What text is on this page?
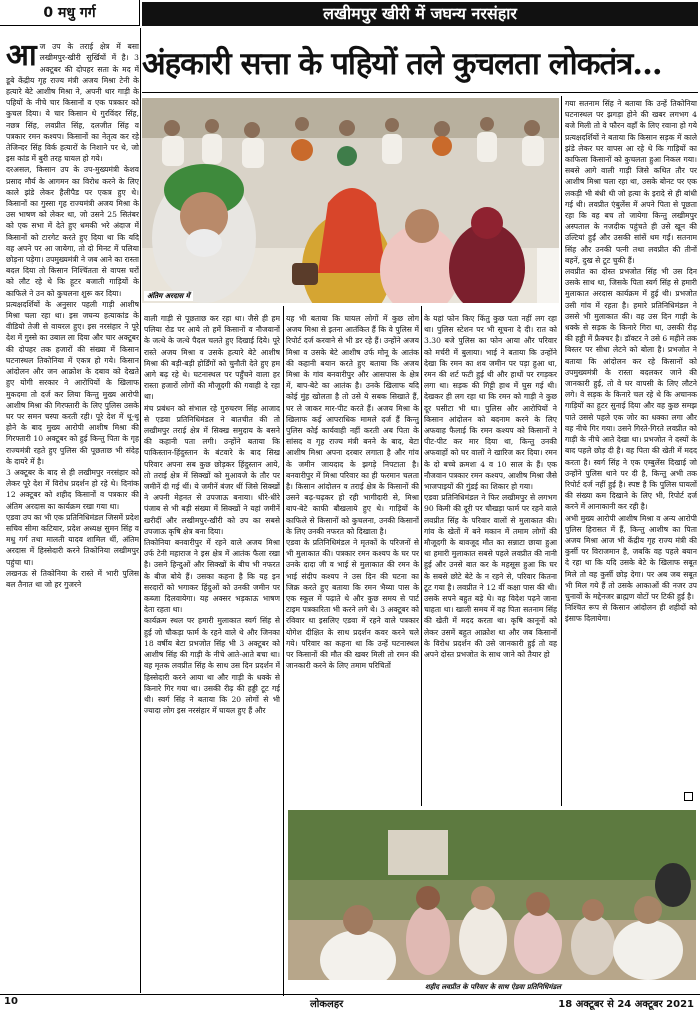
0 मधु गर्ग	लखीमपुर खीरी में जघन्य नरसंहार
अंहकारी सत्ता के पहियों तले कुचलता लोकतंत्र...

आज उप के तराई क्षेत्र में बसा लखीमपुर-खीरी सुर्खियों में है। 3 अक्टूबर की दोपहर सता के मद में डूबे केंद्रीय गृह राज्य मंत्री अजय मिश्रा टेनी के हत्यारे बेटे आशीष मिश्रा ने, अपनी थार गाड़ी के पहियों के नीचे चार किसानों व एक पत्रकार को कुचल दिया। ये चार किसान थे गुरविंदर सिंह, नछत्र सिंह, लवप्रीत सिंह, दलजीत सिंह व पत्रकार रमन कश्यप। किसानों का नेतृत्व कर रहे तेजिन्दर सिंह विर्क हत्यारों के निशाने पर थे, जो इस कांड में बुरी तरह घायल हो गये।
दरअसल, किसान उप के उप-मुख्यमंत्री केशव प्रसाद मौर्य के आगमन का विरोध करने के लिए काले झंडे लेकर हैलीपैड पर एकत्र हुए थे। किसानों का गुस्सा गृह राज्यमंत्री अजय मिश्रा के उस भाषण को लेकर था, जो उसने 25 सितंबर को एक सभा में देते हुए धमकी भरे अंदाज में किसानों को टारगेट करते हुए दिया था कि यदि वह अपने पर आ जायेगा, तो दो मिनट में पलिया छोड़ना पड़ेगा। उपमुख्यमंत्री ने जब आने का रास्ता बदल दिया तो किसान निश्चिंतता से वापस घरों को लौट रहे थे कि हूटर बजाती गाड़ियों के काफिले ने उन को कुचलना शुरू कर दिया।
प्रत्यक्षदर्शियों के अनुसार पहली गाड़ी आशीष मिश्रा चला रहा था। इस जघन्य हत्याकांड के वीडियो तेजी से वायरल हुए। इस नरसंहार ने पूरे देश में गुस्से का उबाल ला दिया और चार अक्टूबर की दोपहर तक हजारों की संख्या में किसान घटनास्थल तिकोनिया में एकत्र हो गये। किसान आंदोलन और जन आक्रोश के दबाव को देखते हुए योगी सरकार ने आरोपियों के खिलाफ मुकदमा तो दर्ज कर लिया किन्तु मुख्य आरोपी आशीष मिश्रा की गिरफ्तारी के लिए पुलिस उसके घर पर समन चस्पा करती रही। पूरे देश में थू-थू होने के बाद मुख्य आरोपी आशीष मिश्रा की गिरफ्तारी 10 अक्टूबर को हुई किन्तु पिता के गृह राज्यमंत्री रहते हुए पुलिस की पूछताछ भी संदेह के दायरे में है।
3 अक्टूबर के बाद से ही लखीमपुर नरसंहार को लेकर पूरे देश में विरोध प्रदर्शन हो रहे थे। दिनांक 12 अक्टूबर को शहीद किसानों व पत्रकार की अंतिम अरदास का कार्यक्रम रखा गया था।
एडवा उप का भी एक प्रतिनिधिमंडल जिसमें प्रदेश सचिव सीमा कटियार, प्रदेश अध्यक्ष सुमन सिंह व मधु गर्ग तथा मालती यादव शामिल थीं, अंतिम अरदास में हिस्सेदारी करने तिकोनिया लखीमपुर पहुंचा था।
लखनऊ से तिकोनिया के रास्ते में भारी पुलिस बल तैनात था जो हर गुजरने

अंतिम अरदास में
वाली गाड़ी से पूछताछ कर रहा था। जैसे ही हम पलिया रोड पर आये तो हमें किसानों व नौजवानों के जत्थे के जत्थे पैदल चलते हुए दिखाई दिये। पूरे रास्ते अजय मिश्रा व उसके हत्यारे बेटे आशीष मिश्रा की बड़ी-बड़ी होर्डिंगों को चुनौती देते हुए हम आगे बढ़ रहे थे। घटनास्थल पर पहुँचने वाला हर रास्ता हजारों लोगों की मौजूदगी की गवाही दे रहा था।
मंच प्रबंधन को संभाल रहे गुरुचरण सिंह आजाद से एडवा प्रतिनिधिमंडल ने बातचीत की तो लखीमपुर तराई क्षेत्र में सिक्ख समुदाय के बसने की कहानी पता लगी। उन्होंने बताया कि पाकिस्तान-हिंदुस्तान के बंटवारे के बाद सिख परिवार अपना सब कुछ छोड़कर हिंदुस्तान आये, तो तराई क्षेत्र में सिक्खों को मुआवजे के तौर पर जमीनें दी गई थीं। ये जमीनें बंजर थीं जिसे सिक्खों ने अपनी मेहनत से उपजाऊ बनाया। धीरे-धीरे पंजाब से भी बड़ी संख्या में सिक्खों ने यहां जमीनें खरीदीं और लखीमपुर-खीरी को उप का सबसे उपजाऊ कृषि क्षेत्र बना दिया।
तिकोनिया बनवारीपुर में रहने वाले अजय मिश्रा उर्फ टेनी महाराज ने इस क्षेत्र में आतंक फैला रखा है। उसने हिन्दुओं और सिक्खों के बीच भी नफरत के बीज बोये हैं। उसका कहना है कि यह इन सरदारों को भगाकर हिंदुओं को उनकी जमीन पर कब्जा दिलवायेगा। यह अक्सर भड़काऊ भाषण देता रहता था।
कार्यक्रम स्थल पर हमारी मुलाकात स्वर्ग सिंह से हुई जो चौकड़ा फार्म के रहने वाले थे और जिनका 18 वर्षीय बेटा प्रभजोत सिंह भी 3 अक्टूबर को आशीष सिंह की गाड़ी के नीचे आते-आते बचा था। वह मृतक लवप्रीत सिंह के साथ उस दिन प्रदर्शन में हिस्सेदारी करने आया था और गाड़ी के धक्के से किनारे गिर गया था। उसकी रीढ़ की हड्डी टूट गई थी। स्वर्ग सिंह ने बताया कि 20 लोगों से भी ज्यादा लोग इस नरसंहार में घायल हुए हैं और
यह भी बताया कि घायल लोगों में कुछ लोग अजय मिश्रा से इतना आतंकित हैं कि वे पुलिस में रिपोर्ट दर्ज करवाने से भी डर रहे हैं। उन्होंने अजय मिश्रा व उसके बेटे आशीष उर्फ मोनू के आतंक की कहानी बयान करते हुए बताया कि अजय मिश्रा के गांव बनवारीपुर और आसपास के क्षेत्र में, बाप-बेटे का आतंक है। उनके खिलाफ यदि कोई मुंह खोलता है तो उसे ये सबक सिखाते हैं, घर ले जाकर मार-पीट करते हैं। अजय मिश्रा के खिलाफ कई आपराधिक मामले दर्ज हैं किन्तु पुलिस कोई कार्यवाही नहीं करती अब पिता के सांसद व गृह राज्य मंत्री बनने के बाद, बेटा आशीष मिश्रा अपना दरबार लगाता है और गांव के जमीन जायदाद के झगड़े निपटाता है। बनवारीपुर में मिश्रा परिवार का ही फरमान चलता है। किसान आंदोलन व तराई क्षेत्र के किसानों की उसने बढ़-चढ़कर हो रही भागीदारी से, मिश्रा बाप-बेटे काफी बौखलाये हुए थे। गाड़ियों के काफिले से किसानों को कुचलना, उनकी किसानों के लिए उनकी नफरत को दिखाता है।
एडवा के प्रतिनिधिमंडल ने मृतकों के परिजनों से भी मुलाकात की। पत्रकार रमन कश्यप के घर पर उनके दादा जी व भाई से मुलाकात की रमन के भाई संदीप कश्यप ने उस दिन की घटना का जिक्र करते हुए बताया कि रमन भैय्या पास के एक स्कूल में पढ़ाते थे और कुछ समय से पार्ट टाइम पत्रकारिता भी करने लगे थे। 3 अक्टूबर को रविवार था इसलिए एडवा में रहने वाले पत्रकार योगेश दीक्षित के साथ प्रदर्शन कवर करने चले गये। परिवार का कहना था कि उन्हें घटनास्थल पर किसानों की मौत की खबर मिली तो रमन की जानकारी करने के लिए तमाम परिचितों
के यहां फोन किए किंतु कुछ पता नहीं लग रहा था। पुलिस स्टेशन पर भी सूचना दे दी। रात को 3.30 बजे पुलिस का फोन आया और परिवार को मर्चरी में बुलाया। भाई ने बताया कि उन्होंने देखा कि रमन का शव जमीन पर पड़ा हुआ था, रमन की शर्ट फटी हुई थी और हाथों पर रगड़कर लगा था। सड़क की गिट्टी हाथ में घुस गई थी। देखकर ही लग रहा था कि रमन को गाड़ी ने कुछ दूर घसीटा भी था। पुलिस और आरोपियों ने किसान आंदोलन को बदनाम करने के लिए अफवाह फैलाई कि रमन कश्यप को किसानों ने पीट-पीट कर मार दिया था, किन्तु उनकी अफवाहों को घर वालों ने खारिज कर दिया। रमन के दो बच्चे क्रमशः 4 व 10 साल के हैं। एक नौजवान पत्रकार रमन कश्यप, आशीष मिश्रा जैसे भाजपाइयों की गुंडई का शिकार हो गया।
एडवा प्रतिनिधिमंडल ने फिर लखीमपुर से लगभग 90 किमी की दूरी पर चौखड़ा फार्म पर रहने वाले लवप्रीत सिंह के परिवार वालों से मुलाकात की। गांव के खेतों में बने मकान में तमाम लोगों की मौजूदगी के बावजूद मौत का सन्नाटा छाया हुआ था हमारी मुलाकात सबसे पहले लवप्रीत की नानी हुई और उनसे बात कर के महसूस हुआ कि घर के सबसे छोटे बेटे के न रहने से, परिवार कितना टूट गया है। लवप्रीत ने 12 वीं कक्षा पास की थी। उसके सपने बहुत बड़े थे। वह विदेश पढ़ने जाना चाहता था। खाली समय में वह पिता सतनाम सिंह की खेती में मदद करता था। कृषि कानूनों को लेकर उसमें बहुत आक्रोश था और जब किसानों के विरोध प्रदर्शन की उसे जानकारी हुई तो वह अपने दोस्त प्रभजोत के साथ जाने को तैयार हो
गया सतनाम सिंह ने बताया कि उन्हें तिकोनिया घटनास्थल पर झगड़ा होने की खबर लगभग 4 बजे मिली तो वे फौरन वहाँ के लिए रवाना हो गये प्रत्यक्षदर्शियों ने बताया कि किसान सड़क में काले झंडे लेकर घर वापस आ रहे थे कि गाड़ियों का काफिला किसानों को कुचलता हुआ निकल गया। सबसे आगे वाली गाड़ी जिसे कथित तौर पर आशीष मिश्रा चला रहा था, उसके बोनट पर एक लकड़ी भी बंधी थी जो हत्या के इरादे से ही बांधी गई थी। लवप्रीत एंबुलेंस में अपने पिता से पूछता रहा कि वह बच तो जायेगा किन्तु लखीमपुर अस्पताल के नजदीक पहुंचते ही उसे खून की उल्टियां हुईं और उसकी सांसें थम गईं। सतनाम सिंह और उनकी पत्नी तथा लवप्रीत की तीनों बहनें, दुख से टूट चुकी हैं।
लवप्रीत का दोस्त प्रभजोत सिंह भी उस दिन उसके साथ था, जिसके पिता स्वर्ग सिंह से हमारी मुलाकात अरदास कार्यक्रम में हुई थी। प्रभजोत उसी गांव में रहता है। हमारे प्रतिनिधिमंडल ने उससे भी मुलाकात की। वह उस दिन गाड़ी के धक्के से सड़क के किनारे गिरा था, उसकी रीढ़ की हड्डी में फ्रैक्चर है। डॉक्टर ने उसे 6 महीने तक बिस्तर पर सीधा लेटने को बोला है। प्रभजोत ने बताया कि आंदोलन कर रहे किसानों को उपमुख्यमंत्री के रास्ता बदलकर जाने की जानकारी हुई, तो वे घर वापसी के लिए लौटने लगे। वे सड़क के किनारे चल रहे थे कि अचानक गाड़ियों का हूटर सुनाई दिया और वह कुछ समझ पाते उससे पहले एक जोर का धक्का लगा और वह नीचे गिर गया। उसने गिरते-गिरते लवप्रीत को गाड़ी के नीचे आते देखा था। प्रभजोत ने दस्यों के बाद पहले छोड़ दी है। वह पिता की खेती में मदद करता है। स्वर्ग सिंह ने एक एम्बुलेंस दिखाई जो उन्होंने पुलिस थाने पर दी है, किन्तु अभी तक रिपोर्ट दर्ज नहीं हुई है। स्पष्ट है कि पुलिस घायलों की संख्या कम दिखाने के लिए भी, रिपोर्ट दर्ज करने में आनाकानी कर रही है।
अभी मुख्य आरोपी आशीष मिश्रा व अन्य आरोपी पुलिस हिरासत में हैं, किन्तु आशीष का पिता अजय मिश्रा आज भी केंद्रीय गृह राज्य मंत्री की कुर्सी पर विराजमान है, जबकि वह पहले बयान दे रहा था कि यदि उसके बेटे के खिलाफ सबूत मिले तो वह कुर्सी छोड़ देगा। पर अब जब सबूत भी मिल गये हैं तो उसके आकाओं की नजर उप चुनावों के मद्देनजर ब्राह्मण वोटों पर टिकी हुई है।
निश्चित रूप से किसान आंदोलन ही शहीदों को इंसाफ दिलायेगा।
शहीद लवप्रीत के परिवार के साथ ऐडवा प्रतिनिधिमंडल
10	लोकलहर	18 अक्टूबर से 24 अक्टूबर 2021
